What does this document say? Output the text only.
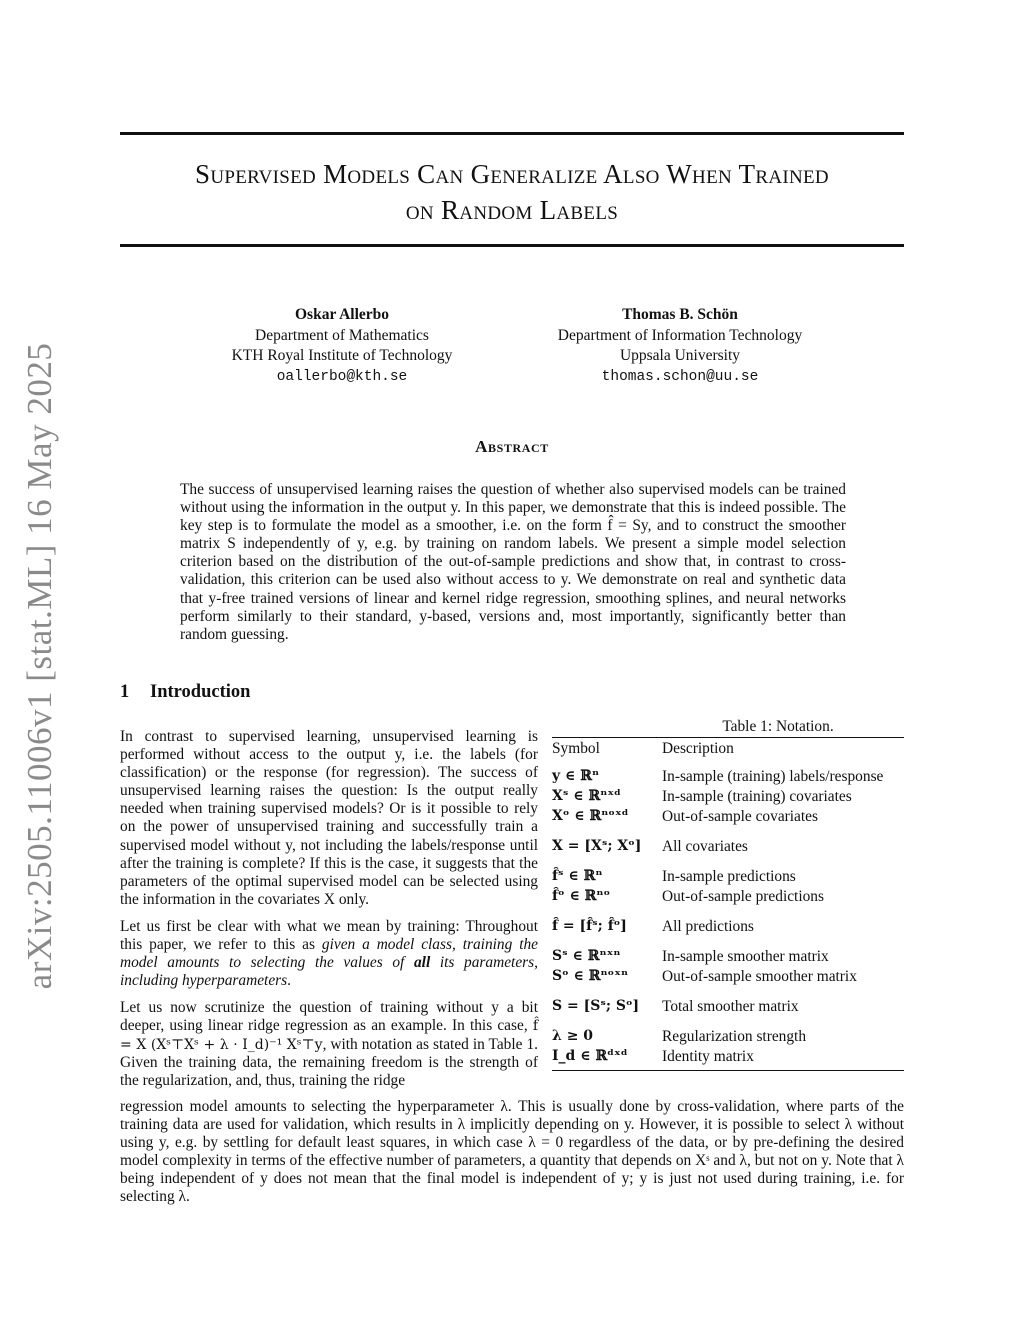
arXiv:2505.11006v1 [stat.ML] 16 May 2025
Supervised Models Can Generalize Also When Trained
on Random Labels
Oskar Allerbo
Department of Mathematics
KTH Royal Institute of Technology
oallerbo@kth.se
Thomas B. Schön
Department of Information Technology
Uppsala University
thomas.schon@uu.se
Abstract

The success of unsupervised learning raises the question of whether also supervised models can be trained without using the information in the output y. In this paper, we demonstrate that this is indeed possible. The key step is to formulate the model as a smoother, i.e. on the form f̂ = Sy, and to construct the smoother matrix S independently of y, e.g. by training on random labels. We present a simple model selection criterion based on the distribution of the out-of-sample predictions and show that, in contrast to cross-validation, this criterion can be used also without access to y. We demonstrate on real and synthetic data that y-free trained versions of linear and kernel ridge regression, smoothing splines, and neural networks perform similarly to their standard, y-based, versions and, most importantly, significantly better than random guessing.

1 Introduction

In contrast to supervised learning, unsupervised learning is performed without access to the output y, i.e. the labels (for classification) or the response (for regression). The success of unsupervised learning raises the question: Is the output really needed when training supervised models? Or is it possible to rely on the power of unsupervised training and successfully train a supervised model without y, not including the labels/response until after the training is complete? If this is the case, it suggests that the parameters of the optimal supervised model can be selected using the information in the covariates X only.

Let us first be clear with what we mean by training: Throughout this paper, we refer to this as given a model class, training the model amounts to selecting the values of all its parameters, including hyperparameters.

Let us now scrutinize the question of training without y a bit deeper, using linear ridge regression as an example. In this case, f̂ = X (Xˢ⊤Xˢ + λ · I_d)⁻¹ Xˢ⊤y, with notation as stated in Table 1. Given the training data, the remaining freedom is the strength of the regularization, and, thus, training the ridge

regression model amounts to selecting the hyperparameter λ. This is usually done by cross-validation, where parts of the training data are used for validation, which results in λ implicitly depending on y. However, it is possible to select λ without using y, e.g. by settling for default least squares, in which case λ = 0 regardless of the data, or by pre-defining the desired model complexity in terms of the effective number of parameters, a quantity that depends on Xˢ and λ, but not on y. Note that λ being independent of y does not mean that the final model is independent of y; y is just not used during training, i.e. for selecting λ.

Table 1: Notation.
Symbol	Description
y ∈ ℝⁿ	In-sample (training) labels/response
Xˢ ∈ ℝⁿˣᵈ	In-sample (training) covariates
Xᵒ ∈ ℝⁿᵒˣᵈ	Out-of-sample covariates
X = [Xˢ; Xᵒ]	All covariates
f̂ˢ ∈ ℝⁿ	In-sample predictions
f̂ᵒ ∈ ℝⁿᵒ	Out-of-sample predictions
f̂ = [f̂ˢ; f̂ᵒ]	All predictions
Sˢ ∈ ℝⁿˣⁿ	In-sample smoother matrix
Sᵒ ∈ ℝⁿᵒˣⁿ	Out-of-sample smoother matrix
S = [Sˢ; Sᵒ]	Total smoother matrix
λ ≥ 0	Regularization strength
I_d ∈ ℝᵈˣᵈ	Identity matrix
